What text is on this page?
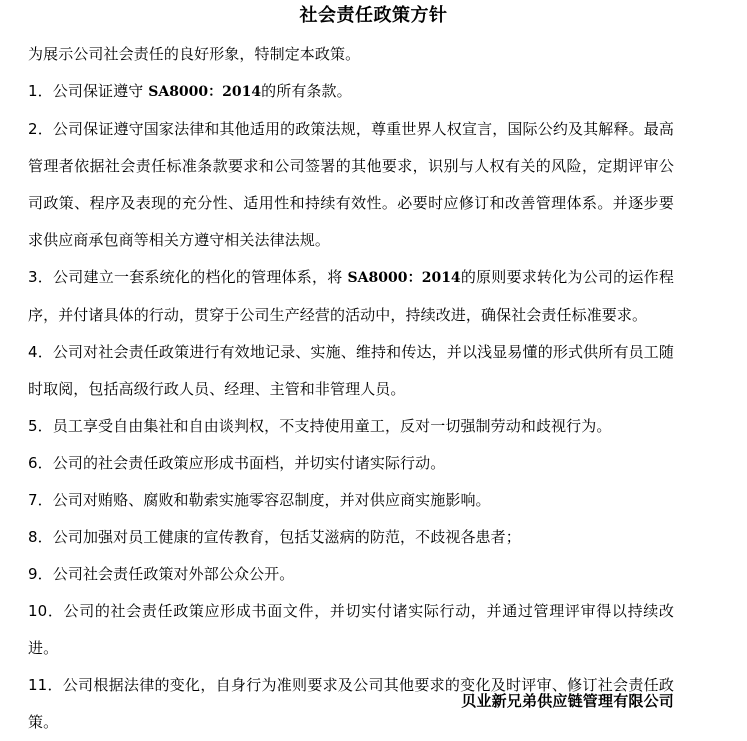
社会责任政策方针

为展示公司社会责任的良好形象，特制定本政策。

1．公司保证遵守 SA8000：2014的所有条款。

2．公司保证遵守国家法律和其他适用的政策法规，尊重世界人权宣言，国际公约及其解释。最高管理者依据社会责任标准条款要求和公司签署的其他要求，识别与人权有关的风险，定期评审公司政策、程序及表现的充分性、适用性和持续有效性。必要时应修订和改善管理体系。并逐步要求供应商承包商等相关方遵守相关法律法规。

3．公司建立一套系统化的档化的管理体系，将 SA8000：2014的原则要求转化为公司的运作程序，并付诸具体的行动，贯穿于公司生产经营的活动中，持续改进，确保社会责任标准要求。

4．公司对社会责任政策进行有效地记录、实施、维持和传达，并以浅显易懂的形式供所有员工随时取阅，包括高级行政人员、经理、主管和非管理人员。

5．员工享受自由集社和自由谈判权，不支持使用童工，反对一切强制劳动和歧视行为。

6．公司的社会责任政策应形成书面档，并切实付诸实际行动。

7．公司对贿赂、腐败和勒索实施零容忍制度，并对供应商实施影响。

8．公司加强对员工健康的宣传教育，包括艾滋病的防范，不歧视各患者；

9．公司社会责任政策对外部公众公开。

10．公司的社会责任政策应形成书面文件，并切实付诸实际行动，并通过管理评审得以持续改进。

11．公司根据法律的变化，自身行为准则要求及公司其他要求的变化及时评审、修订社会责任政策。

贝业新兄弟供应链管理有限公司
